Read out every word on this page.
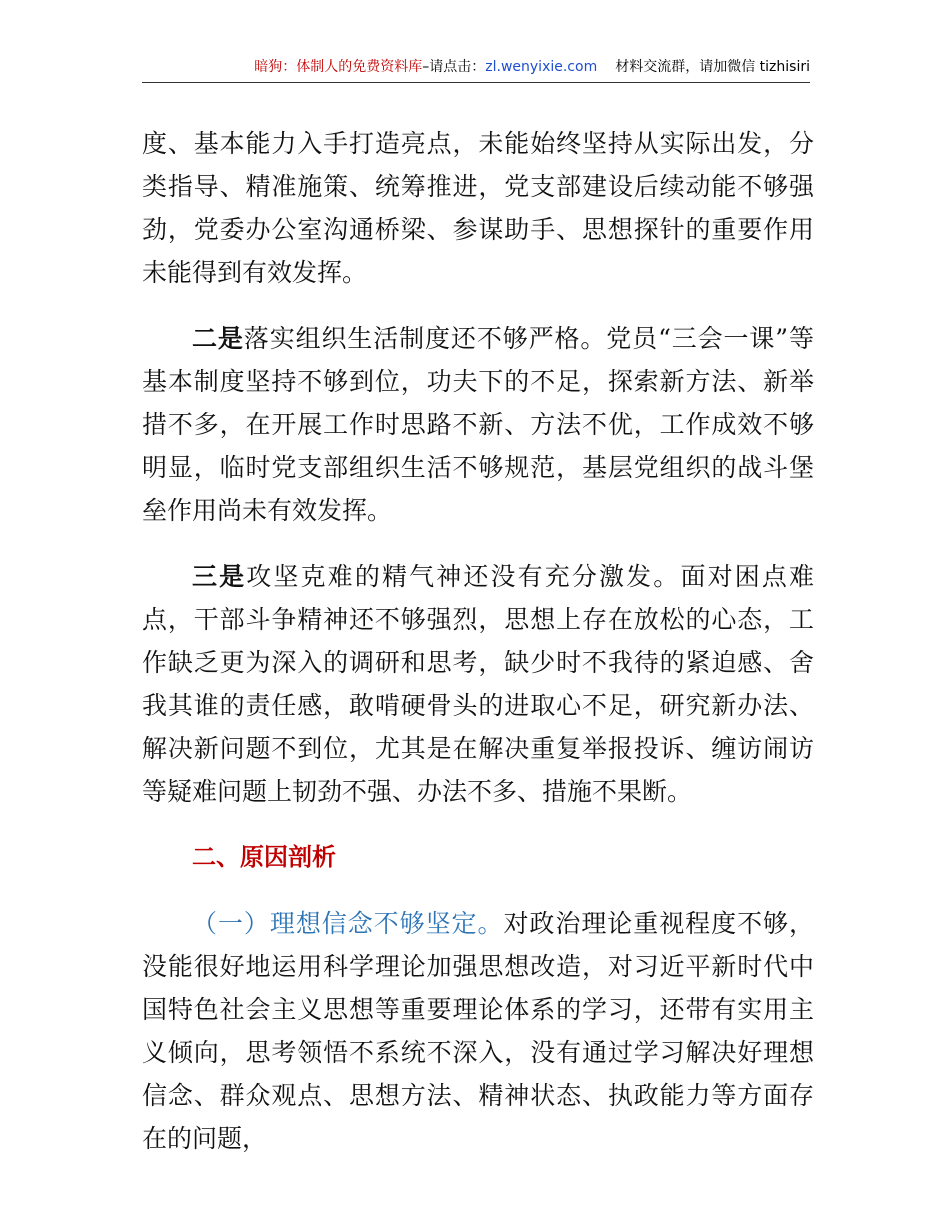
暗狗：体制人的免费资料库–请点击：zl.wenyixie.com 材料交流群，请加微信 tizhisiri

度、基本能力入手打造亮点，未能始终坚持从实际出发，分类指导、精准施策、统筹推进，党支部建设后续动能不够强劲，党委办公室沟通桥梁、参谋助手、思想探针的重要作用未能得到有效发挥。

二是落实组织生活制度还不够严格。党员“三会一课”等基本制度坚持不够到位，功夫下的不足，探索新方法、新举措不多，在开展工作时思路不新、方法不优，工作成效不够明显，临时党支部组织生活不够规范，基层党组织的战斗堡垒作用尚未有效发挥。

三是攻坚克难的精气神还没有充分激发。面对困点难点，干部斗争精神还不够强烈，思想上存在放松的心态，工作缺乏更为深入的调研和思考，缺少时不我待的紧迫感、舍我其谁的责任感，敢啃硬骨头的进取心不足，研究新办法、解决新问题不到位，尤其是在解决重复举报投诉、缠访闹访等疑难问题上韧劲不强、办法不多、措施不果断。

二、原因剖析

（一）理想信念不够坚定。对政治理论重视程度不够，没能很好地运用科学理论加强思想改造，对习近平新时代中国特色社会主义思想等重要理论体系的学习，还带有实用主义倾向，思考领悟不系统不深入，没有通过学习解决好理想信念、群众观点、思想方法、精神状态、执政能力等方面存在的问题，
